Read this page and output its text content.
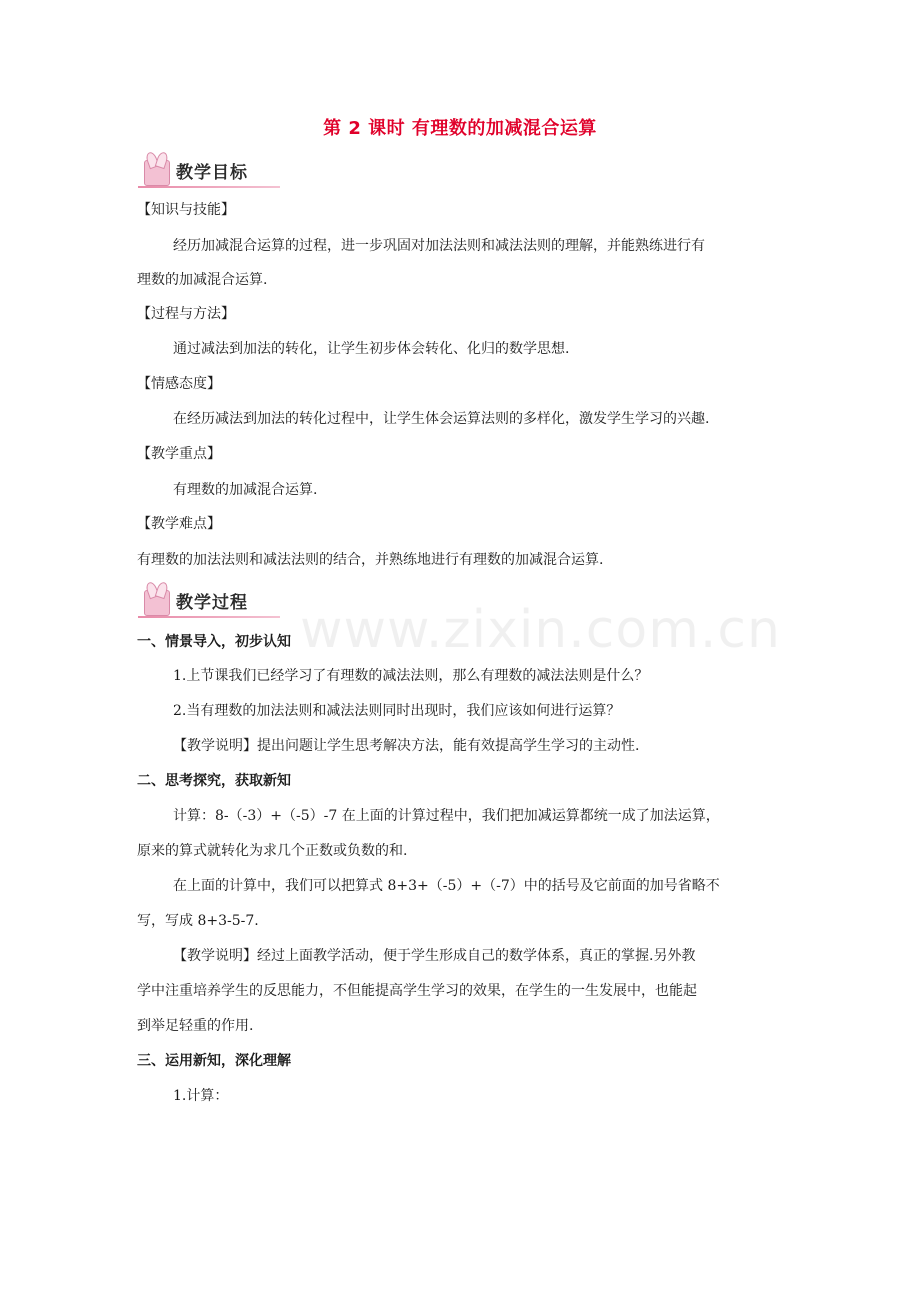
www.zixin.com.cn
第 2 课时 有理数的加减混合运算
教学目标
【知识与技能】
经历加减混合运算的过程，进一步巩固对加法法则和减法法则的理解，并能熟练进行有
理数的加减混合运算.
【过程与方法】
通过减法到加法的转化，让学生初步体会转化、化归的数学思想.
【情感态度】
在经历减法到加法的转化过程中，让学生体会运算法则的多样化，激发学生学习的兴趣.
【教学重点】
有理数的加减混合运算.
【教学难点】
有理数的加法法则和减法法则的结合，并熟练地进行有理数的加减混合运算.
教学过程
一、情景导入，初步认知
1.上节课我们已经学习了有理数的减法法则，那么有理数的减法法则是什么？
2.当有理数的加法法则和减法法则同时出现时，我们应该如何进行运算？
【教学说明】提出问题让学生思考解决方法，能有效提高学生学习的主动性.
二、思考探究，获取新知
计算：8-（-3）+（-5）-7 在上面的计算过程中，我们把加减运算都统一成了加法运算，
原来的算式就转化为求几个正数或负数的和.
在上面的计算中，我们可以把算式 8+3+（-5）+（-7）中的括号及它前面的加号省略不
写，写成 8+3-5-7.
【教学说明】经过上面教学活动，便于学生形成自己的数学体系，真正的掌握.另外教
学中注重培养学生的反思能力，不但能提高学生学习的效果，在学生的一生发展中，也能起
到举足轻重的作用.
三、运用新知，深化理解
1.计算：
